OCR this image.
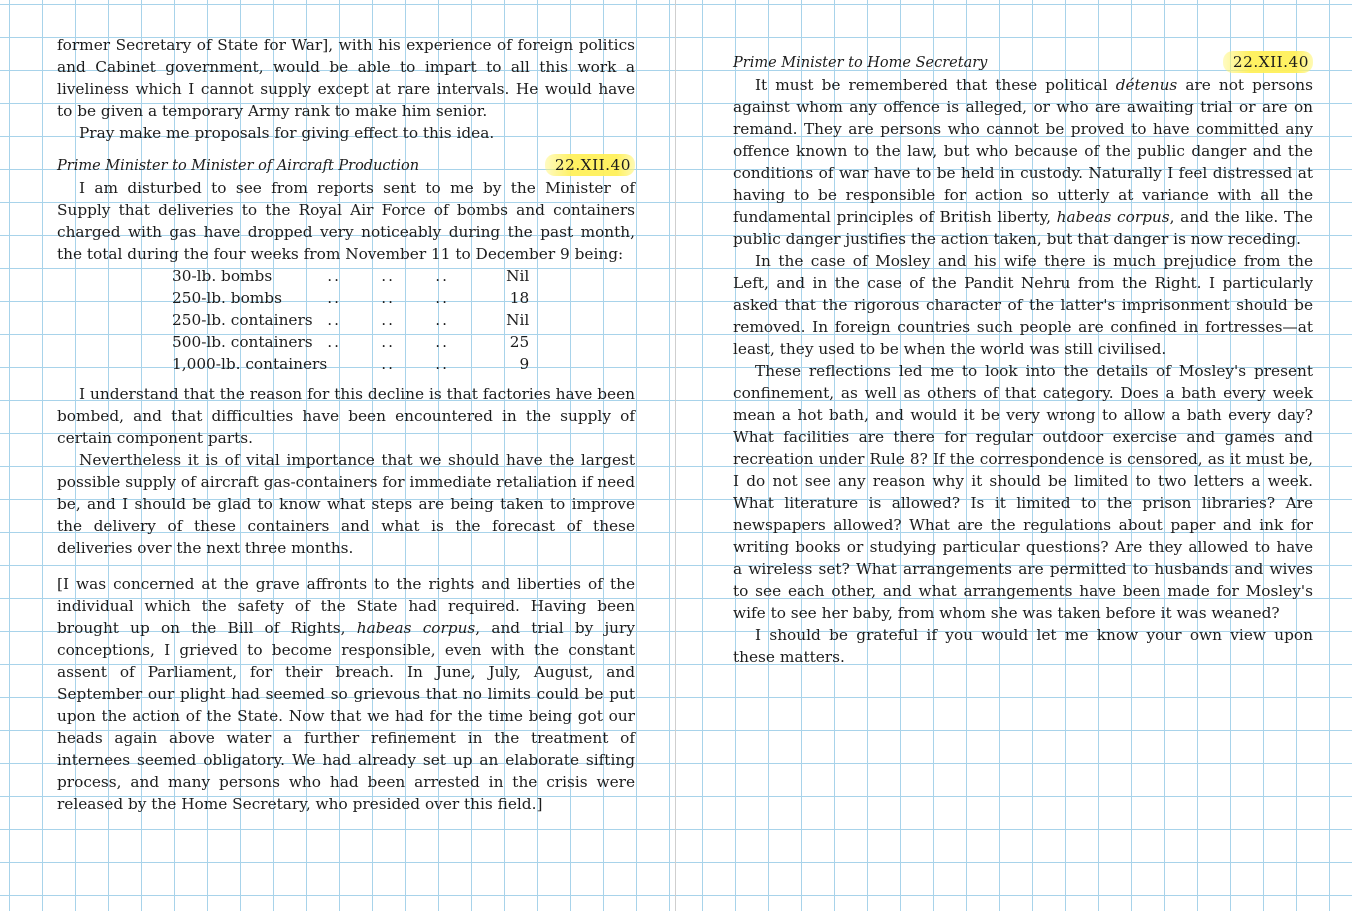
former Secretary of State for War], with his experience of foreign politics and Cabinet government, would be able to impart to all this work a liveliness which I cannot supply except at rare intervals. He would have to be given a temporary Army rank to make him senior.

Pray make me proposals for giving effect to this idea.

Prime Minister to Minister of Aircraft Production	22.XII.40

I am disturbed to see from reports sent to me by the Minister of Supply that deliveries to the Royal Air Force of bombs and containers charged with gas have dropped very noticeably during the past month, the total during the four weeks from November 11 to December 9 being:

30-lb. bombs	..	..	..	Nil
250-lb. bombs	..	..	..	18
250-lb. containers	..	..	..	Nil
500-lb. containers	..	..	..	25
1,000-lb. containers		..	..	9

I understand that the reason for this decline is that factories have been bombed, and that difficulties have been encountered in the supply of certain component parts.

Nevertheless it is of vital importance that we should have the largest possible supply of aircraft gas-containers for immediate retaliation if need be, and I should be glad to know what steps are being taken to improve the delivery of these containers and what is the forecast of these deliveries over the next three months.

[I was concerned at the grave affronts to the rights and liberties of the individual which the safety of the State had required. Having been brought up on the Bill of Rights, habeas corpus, and trial by jury conceptions, I grieved to become responsible, even with the constant assent of Parliament, for their breach. In June, July, August, and September our plight had seemed so grievous that no limits could be put upon the action of the State. Now that we had for the time being got our heads again above water a further refinement in the treatment of internees seemed obligatory. We had already set up an elaborate sifting process, and many persons who had been arrested in the crisis were released by the Home Secretary, who presided over this field.]

Prime Minister to Home Secretary	22.XII.40

It must be remembered that these political détenus are not persons against whom any offence is alleged, or who are awaiting trial or are on remand. They are persons who cannot be proved to have committed any offence known to the law, but who because of the public danger and the conditions of war have to be held in custody. Naturally I feel distressed at having to be responsible for action so utterly at variance with all the fundamental principles of British liberty, habeas corpus, and the like. The public danger justifies the action taken, but that danger is now receding.

In the case of Mosley and his wife there is much prejudice from the Left, and in the case of the Pandit Nehru from the Right. I particularly asked that the rigorous character of the latter's imprisonment should be removed. In foreign countries such people are confined in fortresses—at least, they used to be when the world was still civilised.

These reflections led me to look into the details of Mosley's present confinement, as well as others of that category. Does a bath every week mean a hot bath, and would it be very wrong to allow a bath every day? What facilities are there for regular outdoor exercise and games and recreation under Rule 8? If the correspondence is censored, as it must be, I do not see any reason why it should be limited to two letters a week. What literature is allowed? Is it limited to the prison libraries? Are newspapers allowed? What are the regulations about paper and ink for writing books or studying particular questions? Are they allowed to have a wireless set? What arrangements are permitted to husbands and wives to see each other, and what arrangements have been made for Mosley's wife to see her baby, from whom she was taken before it was weaned?

I should be grateful if you would let me know your own view upon these matters.
